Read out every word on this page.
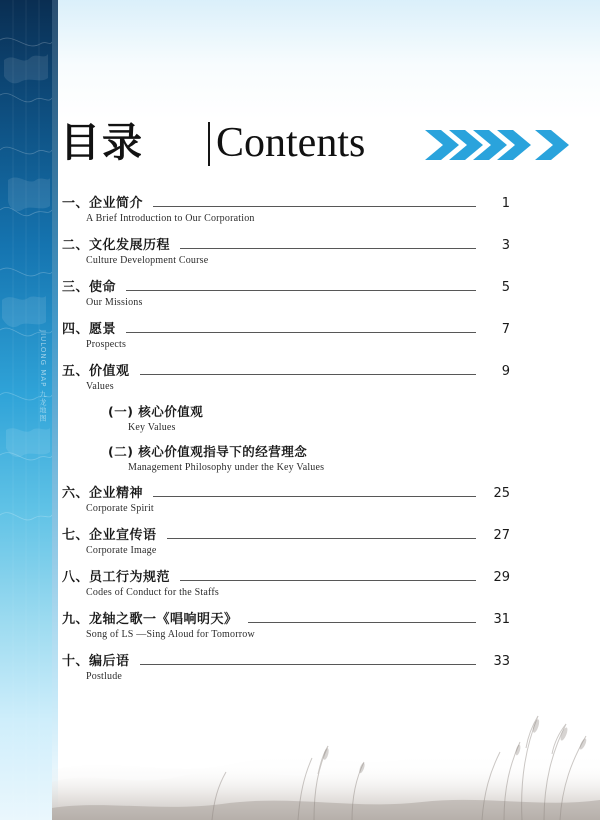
JIULONG MAP 九龙地图
目录 Contents
一、企业简介	1
A Brief Introduction to Our Corporation
二、文化发展历程	3
Culture Development Course
三、使命	5
Our Missions
四、愿景	7
Prospects
五、价值观	9
Values
(一) 核心价值观
Key Values
(二) 核心价值观指导下的经营理念
Management Philosophy under the Key Values
六、企业精神	25
Corporate Spirit
七、企业宣传语	27
Corporate Image
八、员工行为规范	29
Codes of Conduct for the Staffs
九、龙轴之歌一《唱响明天》	31
Song of LS —Sing Aloud for Tomorrow
十、编后语	33
Postlude
